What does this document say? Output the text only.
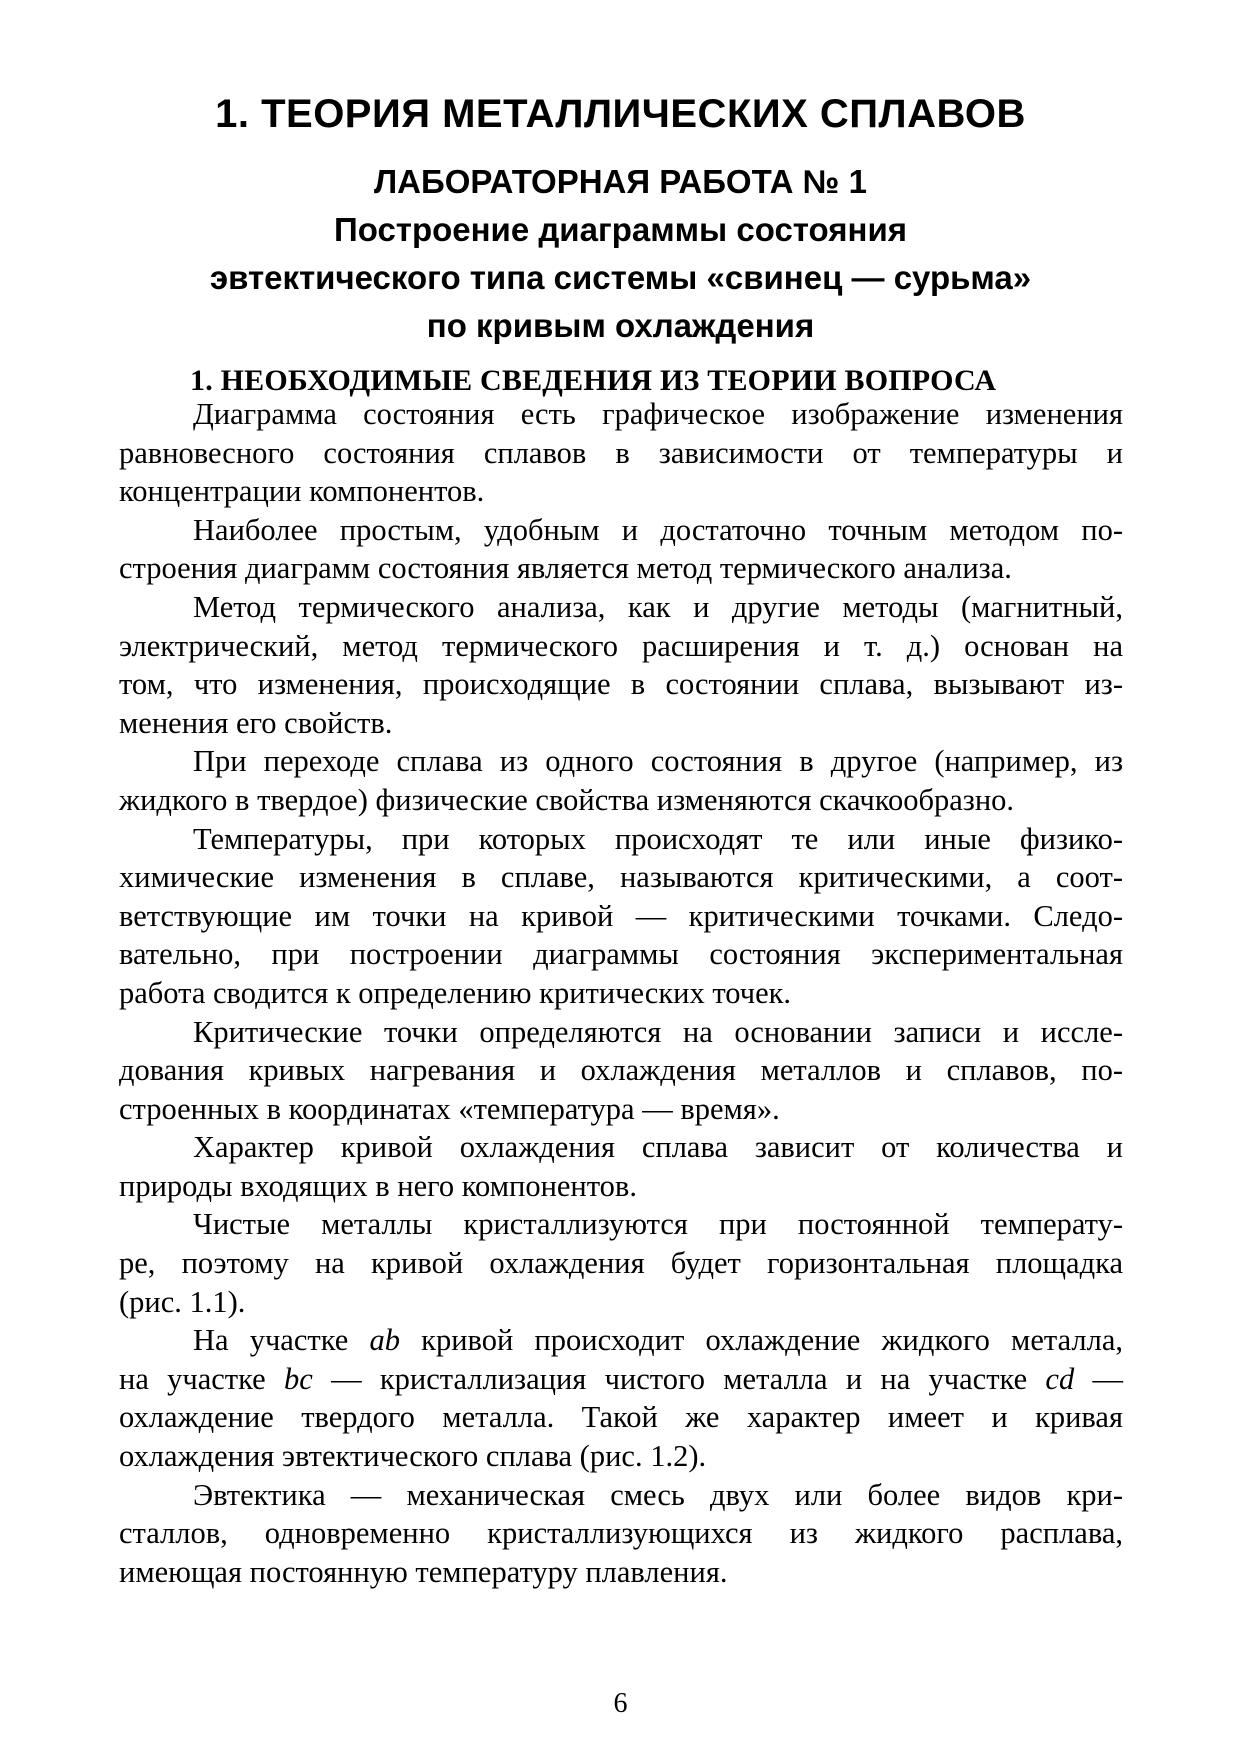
1. ТЕОРИЯ МЕТАЛЛИЧЕСКИХ СПЛАВОВ
ЛАБОРАТОРНАЯ РАБОТА № 1
Построение диаграммы состояния
эвтектического типа системы «свинец — сурьма»
по кривым охлаждения
1. НЕОБХОДИМЫЕ СВЕДЕНИЯ ИЗ ТЕОРИИ ВОПРОСА
Диаграмма состояния есть графическое изображение изменения
равновесного состояния сплавов в зависимости от температуры и
концентрации компонентов.
Наиболее простым, удобным и достаточно точным методом по-
строения диаграмм состояния является метод термического анализа.
Метод термического анализа, как и другие методы (магнитный,
электрический, метод термического расширения и т. д.) основан на
том, что изменения, происходящие в состоянии сплава, вызывают из-
менения его свойств.
При переходе сплава из одного состояния в другое (например, из
жидкого в твердое) физические свойства изменяются скачкообразно.
Температуры, при которых происходят те или иные физико-
химические изменения в сплаве, называются критическими, а соот-
ветствующие им точки на кривой — критическими точками. Следо-
вательно, при построении диаграммы состояния экспериментальная
работа сводится к определению критических точек.
Критические точки определяются на основании записи и иссле-
дования кривых нагревания и охлаждения металлов и сплавов, по-
строенных в координатах «температура — время».
Характер кривой охлаждения сплава зависит от количества и
природы входящих в него компонентов.
Чистые металлы кристаллизуются при постоянной температу-
ре, поэтому на кривой охлаждения будет горизонтальная площадка
(рис. 1.1).
На участке ab кривой происходит охлаждение жидкого металла,
на участке bc — кристаллизация чистого металла и на участке cd —
охлаждение твердого металла. Такой же характер имеет и кривая
охлаждения эвтектического сплава (рис. 1.2).
Эвтектика — механическая смесь двух или более видов кри-
сталлов, одновременно кристаллизующихся из жидкого расплава,
имеющая постоянную температуру плавления.
6
